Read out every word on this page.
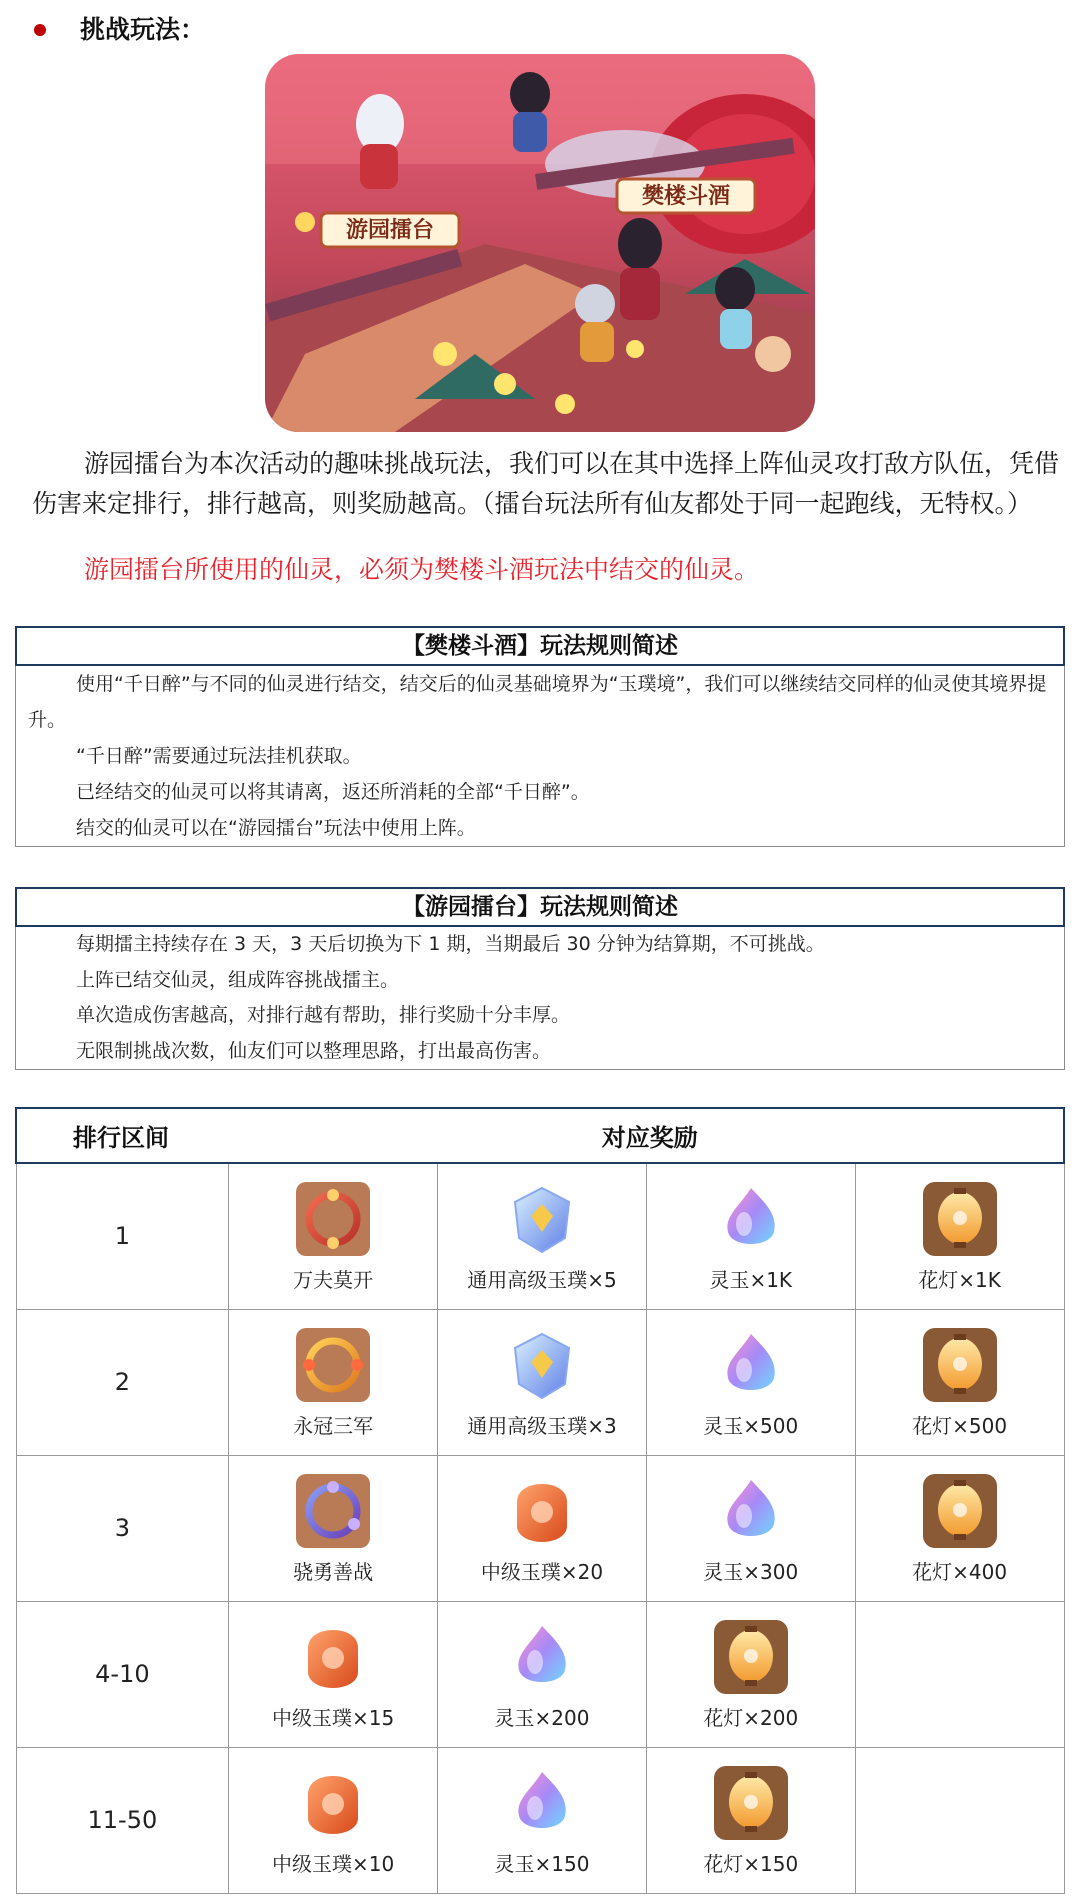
挑战玩法：
游园擂台
樊楼斗酒

游园擂台为本次活动的趣味挑战玩法，我们可以在其中选择上阵仙灵攻打敌方队伍，凭借伤害来定排行，排行越高，则奖励越高。（擂台玩法所有仙友都处于同一起跑线，无特权。）

游园擂台所使用的仙灵，必须为樊楼斗酒玩法中结交的仙灵。

【樊楼斗酒】玩法规则简述
使用“千日醉”与不同的仙灵进行结交，结交后的仙灵基础境界为“玉璞境”，我们可以继续结交同样的仙灵使其境界提升。
“千日醉”需要通过玩法挂机获取。
已经结交的仙灵可以将其请离，返还所消耗的全部“千日醉”。
结交的仙灵可以在“游园擂台”玩法中使用上阵。
【游园擂台】玩法规则简述
每期擂主持续存在 3 天，3 天后切换为下 1 期，当期最后 30 分钟为结算期，不可挑战。
上阵已结交仙灵，组成阵容挑战擂主。
单次造成伤害越高，对排行越有帮助，排行奖励十分丰厚。
无限制挑战次数，仙友们可以整理思路，打出最高伤害。
排行区间	对应奖励			
1	万夫莫开	通用高级玉璞×5	灵玉×1K	花灯×1K

2	永冠三军	通用高级玉璞×3	灵玉×500	花灯×500

3	骁勇善战	中级玉璞×20	灵玉×300	花灯×400

4-10	中级玉璞×15	灵玉×200	花灯×200	

11-50	中级玉璞×10	灵玉×150	花灯×150	
